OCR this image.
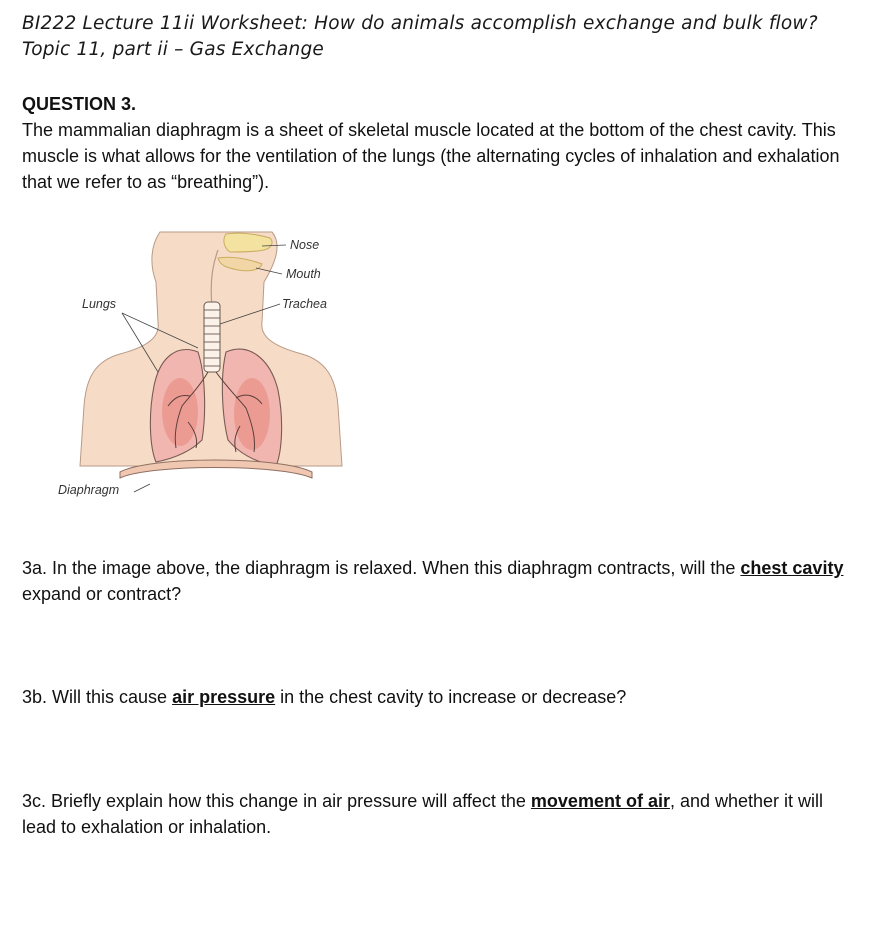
BI222 Lecture 11ii Worksheet: How do animals accomplish exchange and bulk flow?
Topic 11, part ii – Gas Exchange
QUESTION 3.
The mammalian diaphragm is a sheet of skeletal muscle located at the bottom of the chest cavity. This muscle is what allows for the ventilation of the lungs (the alternating cycles of inhalation and exhalation that we refer to as “breathing”).
Nose
Mouth
Trachea
Lungs
Diaphragm
3a. In the image above, the diaphragm is relaxed. When this diaphragm contracts, will the chest cavity expand or contract?
3b. Will this cause air pressure in the chest cavity to increase or decrease?
3c. Briefly explain how this change in air pressure will affect the movement of air, and whether it will lead to exhalation or inhalation.
